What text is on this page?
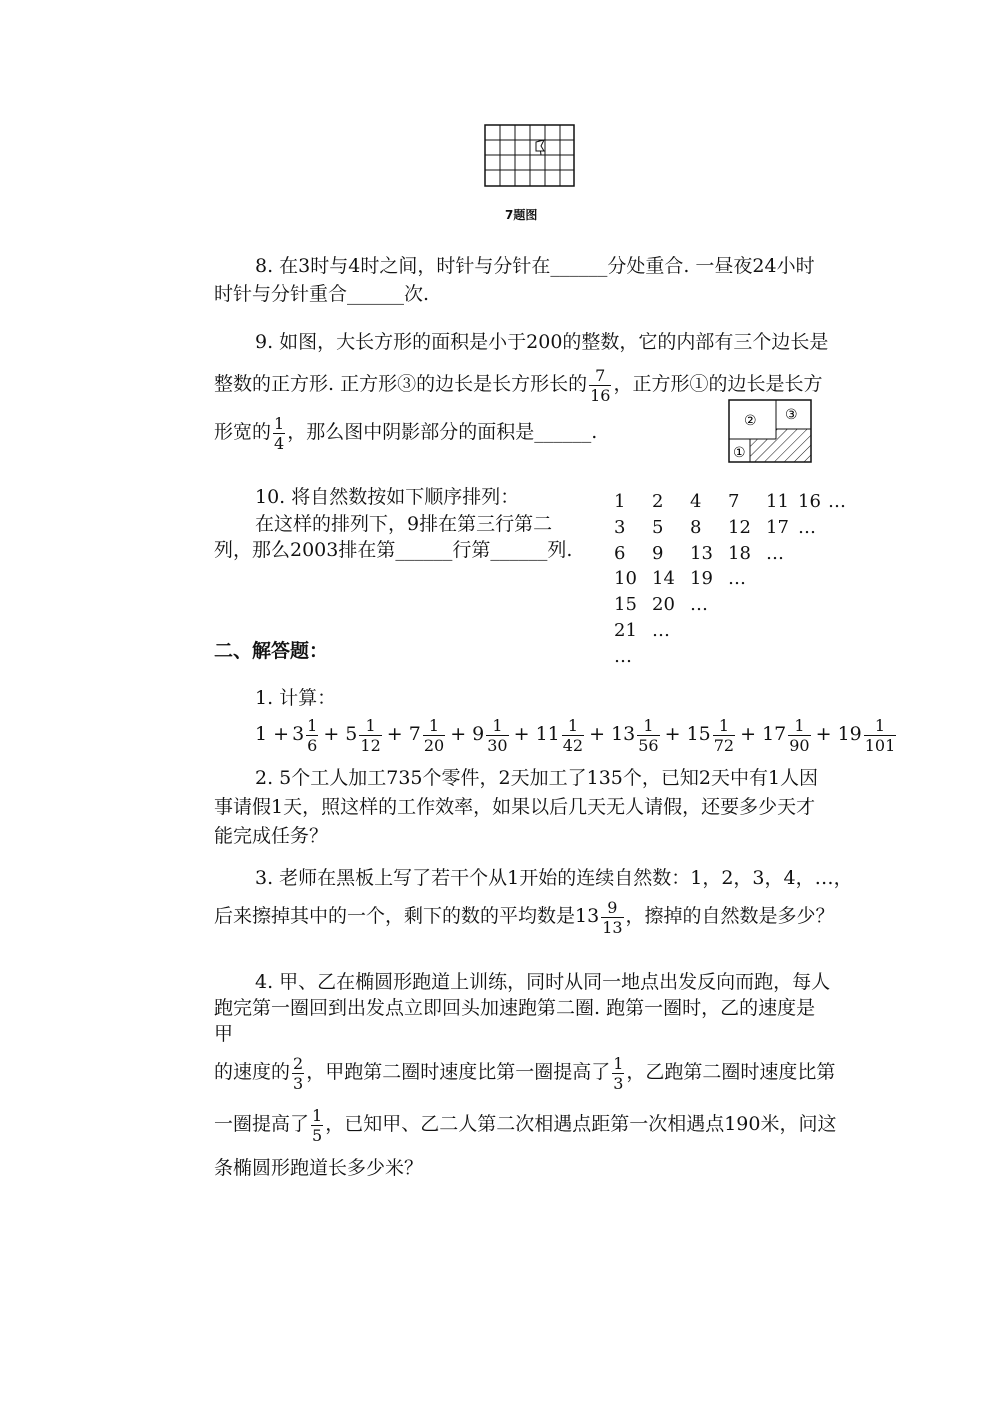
7题图
8. 在3时与4时之间，时针与分针在______分处重合. 一昼夜24小时
时针与分针重合______次.
9. 如图，大长方形的面积是小于200的整数，它的内部有三个边长是
整数的正方形. 正方形③的边长是长方形长的 $\frac{7}{16}$ ，正方形①的边长是长方
形宽的 $\frac{1}{4}$ ，那么图中阴影部分的面积是______.	② ③
①
10. 将自然数按如下顺序排列：
在这样的排列下，9排在第三行第二
列，那么2003排在第______行第______列.
1 2 4 7 11 16 …
3 5 8 12 17 …
6 9 13 18 …
10 14 19 …
15 20 …
21 …
…
二、解答题：
1. 计算：
$1 + 3 \frac{1}{6} + 5 \frac{1}{12} + 7 \frac{1}{20} + 9 \frac{1}{30} + 11 \frac{1}{42} + 13 \frac{1}{56} + 15 \frac{1}{72} + 17 \frac{1}{90} + 19 \frac{1}{101}$
2. 5个工人加工735个零件，2天加工了135个，已知2天中有1人因
事请假1天，照这样的工作效率，如果以后几天无人请假，还要多少天才
能完成任务？
3. 老师在黑板上写了若干个从1开始的连续自然数：1，2，3，4，…，
后来擦掉其中的一个，剩下的数的平均数是$13 \frac{9}{13}$ ，擦掉的自然数是多少？
4. 甲、乙在椭圆形跑道上训练，同时从同一地点出发反向而跑，每人
跑完第一圈回到出发点立即回头加速跑第二圈. 跑第一圈时，乙的速度是
甲
的速度的 $\frac{2}{3}$ ，甲跑第二圈时速度比第一圈提高了 $\frac{1}{3}$ ，乙跑第二圈时速度比第
一圈提高了 $\frac{1}{5}$ ，已知甲、乙二人第二次相遇点距第一次相遇点190米，问这
条椭圆形跑道长多少米？
